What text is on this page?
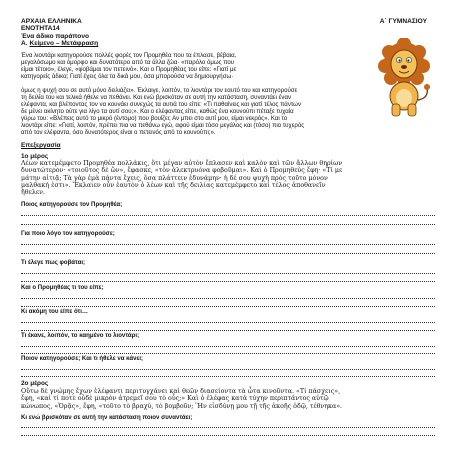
ΑΡΧΑΙΑ ΕΛΛΗΝΙΚΑ
ΕΝΟΤΗΤΑ14
Ένα άδικο παράπονο
Α. Κείμενο – Μετάφραση
Α΄ ΓΥΜΝΑΣΙΟΥ
Ένα λιοντάρι κατηγορούσε πολλές φορές τον Προμηθέα που τα έπλασε, βέβαια,
μεγαλόσωμο και όμορφο και δυνατότερο από τα άλλα ζώα· «παρόλο όμως που
είμαι τέτοιο», έλεγε, «φοβάμαι τον πετεινό». Και ο Προμηθέας του είπε: «Γιατί με
κατηγορείς άδικα; Γιατί έχεις όλα τα δικά μου, όσα μπορούσα να δημιουργήσω·
όμως η ψυχή σου σε αυτό μόνο δειλιάζει». Έκλαιγε, λοιπόν, το λιοντάρι τον εαυτό του και κατηγορούσε
τη δειλία του και τελικά ήθελε να πεθάνει. Και ενώ βρισκόταν σε αυτή την κατάσταση, συναντάει έναν
ελέφαντα, και βλέποντας τον να κουνάει συνεχώς τα αυτιά του είπε: «Τι παθαίνεις και γιατί τέλος πάντων
δε μένει ακίνητο ούτε για λίγο τα αυτί σου;». Και ο ελέφαντας είπε, καθώς ένα κουνούπι πέταξε τυχαία
γύρω του: «Βλέπεις αυτό το μικρό (έντομο) που βουίζει; Αν μπει στο αυτί μου, είμαι νεκρός». Και το
λιοντάρι είπε: «Γιατί, λοιπόν, πρέπει πια να πεθάνω εγώ, αφού είμαι τόσο μεγάλος και (τόσο) πιο τυχερός
από τον ελέφαντα, όσο δυνατότερος είναι ο πετεινός από το κουνούπι;».
Επεξεργασία
1ο μέρος
Λέων κατεμέμφετο Προμηθέα πολλάκις, ὅτι μέγαν αὐτὸν ἔπλασεν καὶ καλὸν καὶ τῶν ἄλλων θηρίων
δυνατώτερον· «τοιοῦτος δὲ ὤν», ἔφασκε, «τὸν ἀλεκτρυόνα φοβοῦμαι». Καὶ ὁ Προμηθεὺς ἔφη· «Τί με
μάτην αἰτιᾷ; Τὰ γὰρ ἐμὰ πάντα ἔχεις, ὅσα πλάττειν ἐδυνάμην· ἡ δέ σου ψυχὴ πρὸς τοῦτο μόνον
μαλθακή ἐστι». Ἔκλαιεν οὖν ἑαυτὸν ὁ λέων καὶ τῆς δειλίας κατεμέμφετο καὶ τέλος ἀποθανεῖν
ἤθελεν.
Ποιος κατηγορούσε τον Προμηθέα;
Για ποιο λόγο τον κατηγορούσε;
Τι έλεγε πως φοβάται;
Και ο Προμηθέας τι του είπε;
Κι ακόμη του είπε ότι…
Τι έκανε, λοιπόν, το καημένο το λιοντάρι;
Ποιον κατηγορούσε; Και τι ήθελε να κάνει;
2ο μέρος
Οὕτω δὲ γνώμης ἔχων ἐλέφαντι περιτυγχάνει καὶ θεῶν διασείοντα τὰ ὦτα κινοῦντα. «Τί πάσχεις»,
ἔφη, «καὶ τί ποτε οὐδὲ μικρὸν ἀτρεμεῖ σου τὸ οὖς;» Καὶ ὁ ἐλέφας κατὰ τύχην περιπτάντος αὐτῷ
κώνωπος, «Ὁρᾷς», ἔφη, «τοῦτο τὸ βραχὺ, τὸ βομβοῦν; Ἢν εἰσδύνῃ μου τῇ τῆς ἀκοῆς ὁδῷ, τέθνηκα».
Κι ενώ βρισκόταν σε αυτή την κατάσταση ποιον συναντάει;
